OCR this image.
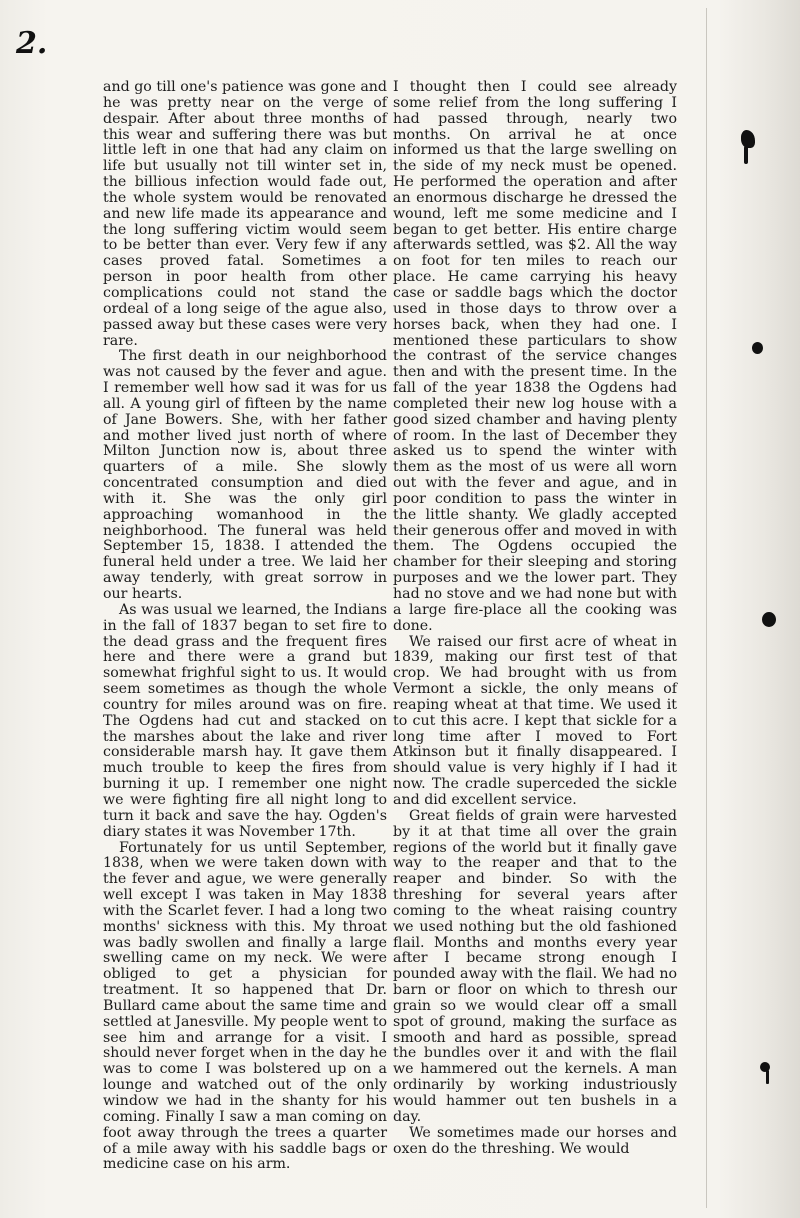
2.

and go till one's patience was gone and he was pretty near on the verge of despair. After about three months of this wear and suffering there was but little left in one that had any claim on life but usually not till winter set in, the billious infection would fade out, the whole system would be renovated and new life made its appearance and the long suffering victim would seem to be better than ever. Very few if any cases proved fatal. Sometimes a person in poor health from other complications could not stand the ordeal of a long seige of the ague also, passed away but these cases were very rare.

The first death in our neighborhood was not caused by the fever and ague. I remember well how sad it was for us all. A young girl of fifteen by the name of Jane Bowers. She, with her father and mother lived just north of where Milton Junction now is, about three quarters of a mile. She slowly concentrated consumption and died with it. She was the only girl approaching womanhood in the neighborhood. The funeral was held September 15, 1838. I attended the funeral held under a tree. We laid her away tenderly, with great sorrow in our hearts.

As was usual we learned, the Indians in the fall of 1837 began to set fire to the dead grass and the frequent fires here and there were a grand but somewhat frighful sight to us. It would seem sometimes as though the whole country for miles around was on fire. The Ogdens had cut and stacked on the marshes about the lake and river considerable marsh hay. It gave them much trouble to keep the fires from burning it up. I remember one night we were fighting fire all night long to turn it back and save the hay. Ogden's diary states it was November 17th.

Fortunately for us until September, 1838, when we were taken down with the fever and ague, we were generally well except I was taken in May 1838 with the Scarlet fever. I had a long two months' sickness with this. My throat was badly swollen and finally a large swelling came on my neck. We were obliged to get a physician for treatment. It so happened that Dr. Bullard came about the same time and settled at Janesville. My people went to see him and arrange for a visit. I should never forget when in the day he was to come I was bolstered up on a lounge and watched out of the only window we had in the shanty for his coming. Finally I saw a man coming on foot away through the trees a quarter of a mile away with his saddle bags or medicine case on his arm.

I thought then I could see already some relief from the long suffering I had passed through, nearly two months. On arrival he at once informed us that the large swelling on the side of my neck must be opened. He performed the operation and after an enormous discharge he dressed the wound, left me some medicine and I began to get better. His entire charge afterwards settled, was $2. All the way on foot for ten miles to reach our place. He came carrying his heavy case or saddle bags which the doctor used in those days to throw over a horses back, when they had one. I mentioned these particulars to show the contrast of the service changes then and with the present time. In the fall of the year 1838 the Ogdens had completed their new log house with a good sized chamber and having plenty of room. In the last of December they asked us to spend the winter with them as the most of us were all worn out with the fever and ague, and in poor condition to pass the winter in the little shanty. We gladly accepted their generous offer and moved in with them. The Ogdens occupied the chamber for their sleeping and storing purposes and we the lower part. They had no stove and we had none but with a large fire-place all the cooking was done.

We raised our first acre of wheat in 1839, making our first test of that crop. We had brought with us from Vermont a sickle, the only means of reaping wheat at that time. We used it to cut this acre. I kept that sickle for a long time after I moved to Fort Atkinson but it finally disappeared. I should value is very highly if I had it now. The cradle superceded the sickle and did excellent service.

Great fields of grain were harvested by it at that time all over the grain regions of the world but it finally gave way to the reaper and that to the reaper and binder. So with the threshing for several years after coming to the wheat raising country we used nothing but the old fashioned flail. Months and months every year after I became strong enough I pounded away with the flail. We had no barn or floor on which to thresh our grain so we would clear off a small spot of ground, making the surface as smooth and hard as possible, spread the bundles over it and with the flail we hammered out the kernels. A man ordinarily by working industriously would hammer out ten bushels in a day.

We sometimes made our horses and oxen do the threshing. We would
